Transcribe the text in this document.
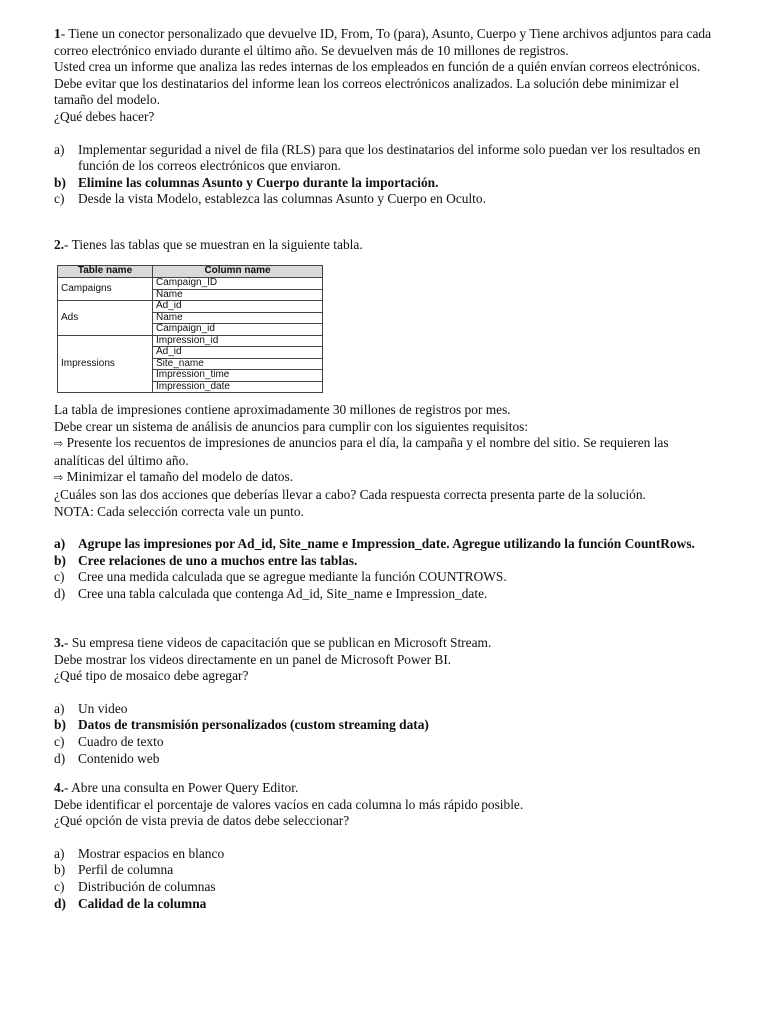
1- Tiene un conector personalizado que devuelve ID, From, To (para), Asunto, Cuerpo y Tiene archivos adjuntos para cada correo electrónico enviado durante el último año. Se devuelven más de 10 millones de registros.

Usted crea un informe que analiza las redes internas de los empleados en función de a quién envían correos electrónicos.

Debe evitar que los destinatarios del informe lean los correos electrónicos analizados. La solución debe minimizar el tamaño del modelo.

¿Qué debes hacer?

a) Implementar seguridad a nivel de fila (RLS) para que los destinatarios del informe solo puedan ver los resultados en función de los correos electrónicos que enviaron.
b) Elimine las columnas Asunto y Cuerpo durante la importación.
c) Desde la vista Modelo, establezca las columnas Asunto y Cuerpo en Oculto.

2.- Tienes las tablas que se muestran en la siguiente tabla.

Table name	Column name
Campaigns	Campaign_ID
	Name
Ads	Ad_id
	Name
	Campaign_id
Impressions	Impression_id
	Ad_id
	Site_name
	Impression_time
	Impression_date

La tabla de impresiones contiene aproximadamente 30 millones de registros por mes.

Debe crear un sistema de análisis de anuncios para cumplir con los siguientes requisitos:

⇨ Presente los recuentos de impresiones de anuncios para el día, la campaña y el nombre del sitio. Se requieren las analíticas del último año.

⇨ Minimizar el tamaño del modelo de datos.

¿Cuáles son las dos acciones que deberías llevar a cabo? Cada respuesta correcta presenta parte de la solución.

NOTA: Cada selección correcta vale un punto.

a) Agrupe las impresiones por Ad_id, Site_name e Impression_date. Agregue utilizando la función CountRows.
b) Cree relaciones de uno a muchos entre las tablas.
c) Cree una medida calculada que se agregue mediante la función COUNTROWS.
d) Cree una tabla calculada que contenga Ad_id, Site_name e Impression_date.

3.- Su empresa tiene videos de capacitación que se publican en Microsoft Stream.

Debe mostrar los videos directamente en un panel de Microsoft Power BI.

¿Qué tipo de mosaico debe agregar?

a) Un video
b) Datos de transmisión personalizados (custom streaming data)
c) Cuadro de texto
d) Contenido web

4.- Abre una consulta en Power Query Editor.

Debe identificar el porcentaje de valores vacíos en cada columna lo más rápido posible.

¿Qué opción de vista previa de datos debe seleccionar?

a) Mostrar espacios en blanco
b) Perfil de columna
c) Distribución de columnas
d) Calidad de la columna
